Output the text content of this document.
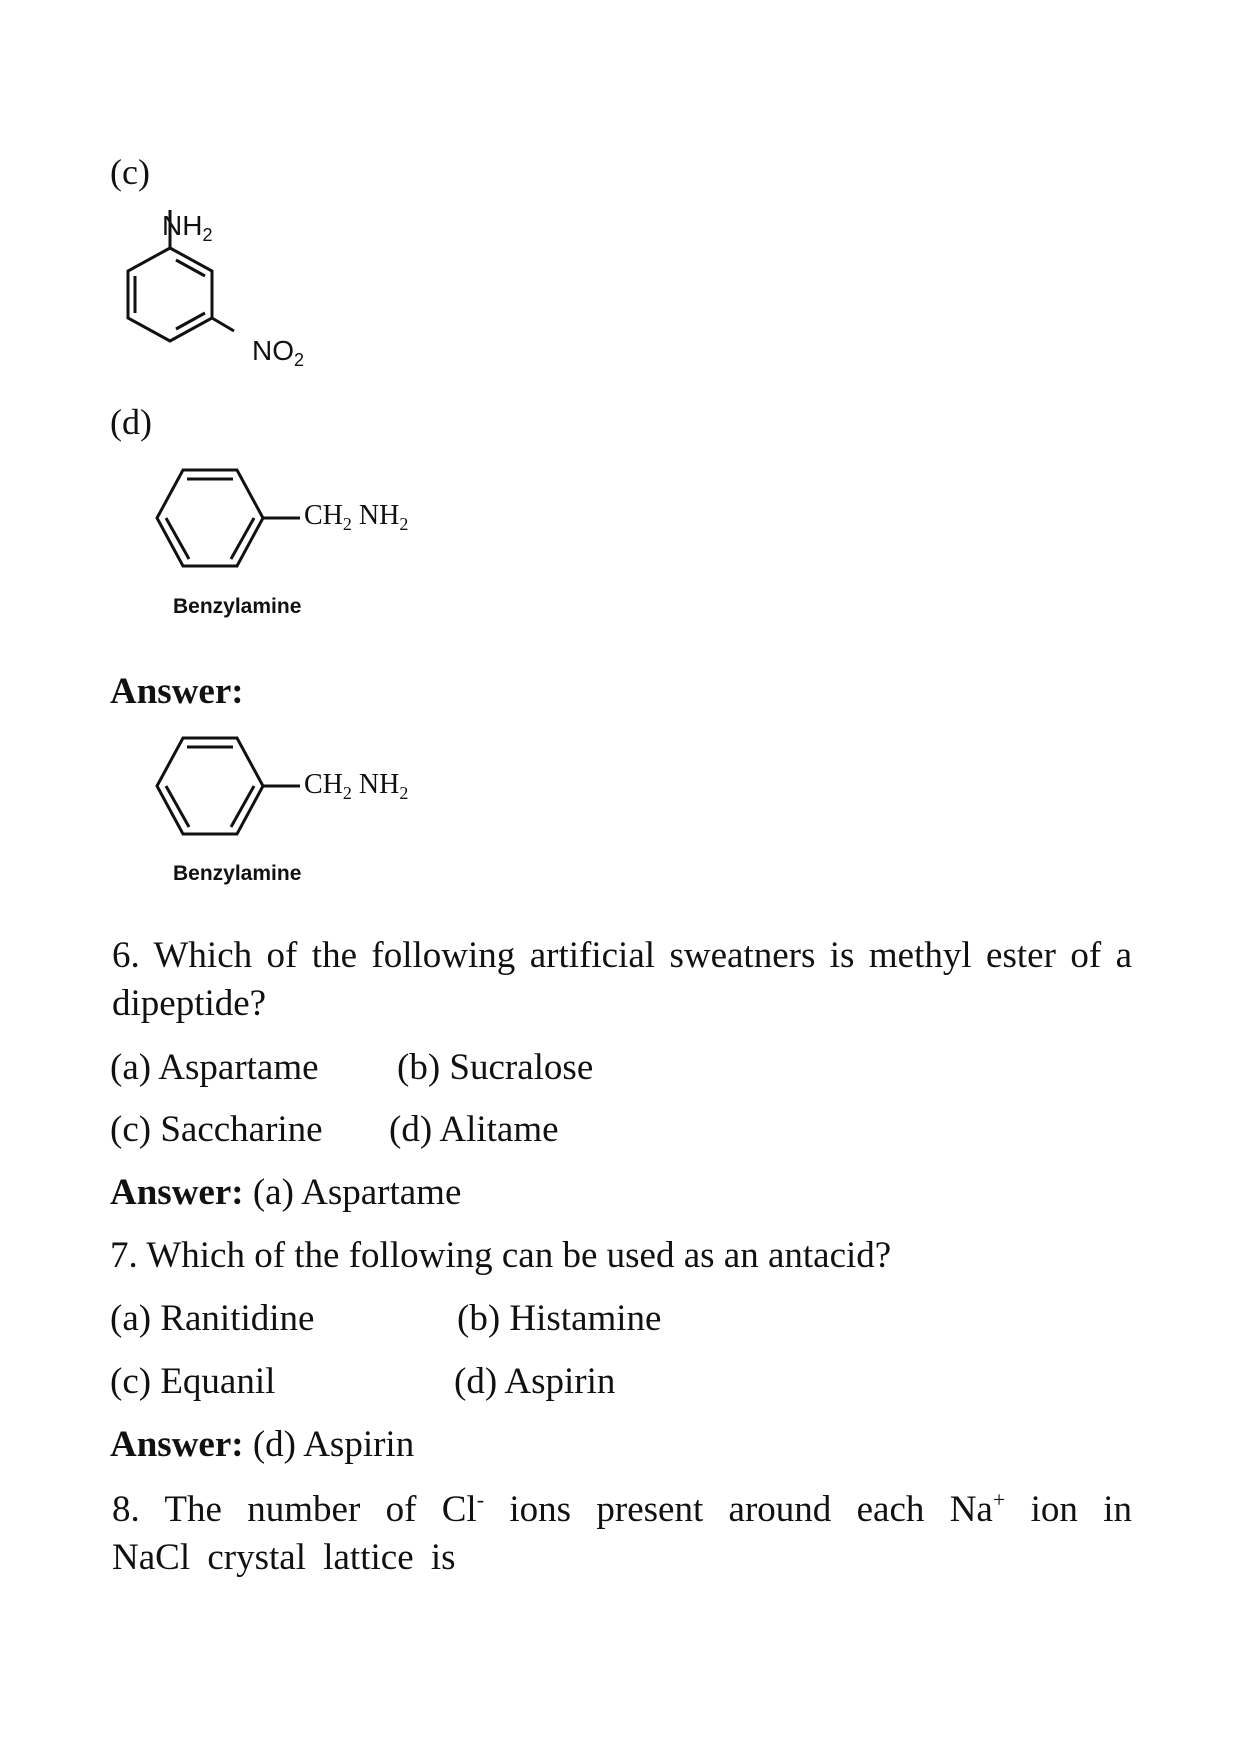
(c)
$NH_2$
$NO_2$
(d)
$CH_2$ $NH_2$
Benzylamine
Answer:
$CH_2$ $NH_2$
Benzylamine
6. Which of the following artificial sweatners is methyl ester of a dipeptide?
(a) Aspartame (b) Sucralose
(c) Saccharine (d) Alitame
Answer: (a) Aspartame
7. Which of the following can be used as an antacid?
(a) Ranitidine	(b) Histamine
(c) Equanil	(d) Aspirin
Answer: (d) Aspirin
8. The number of Cl- ions present around each Na+ ion in NaCl crystal lattice is
